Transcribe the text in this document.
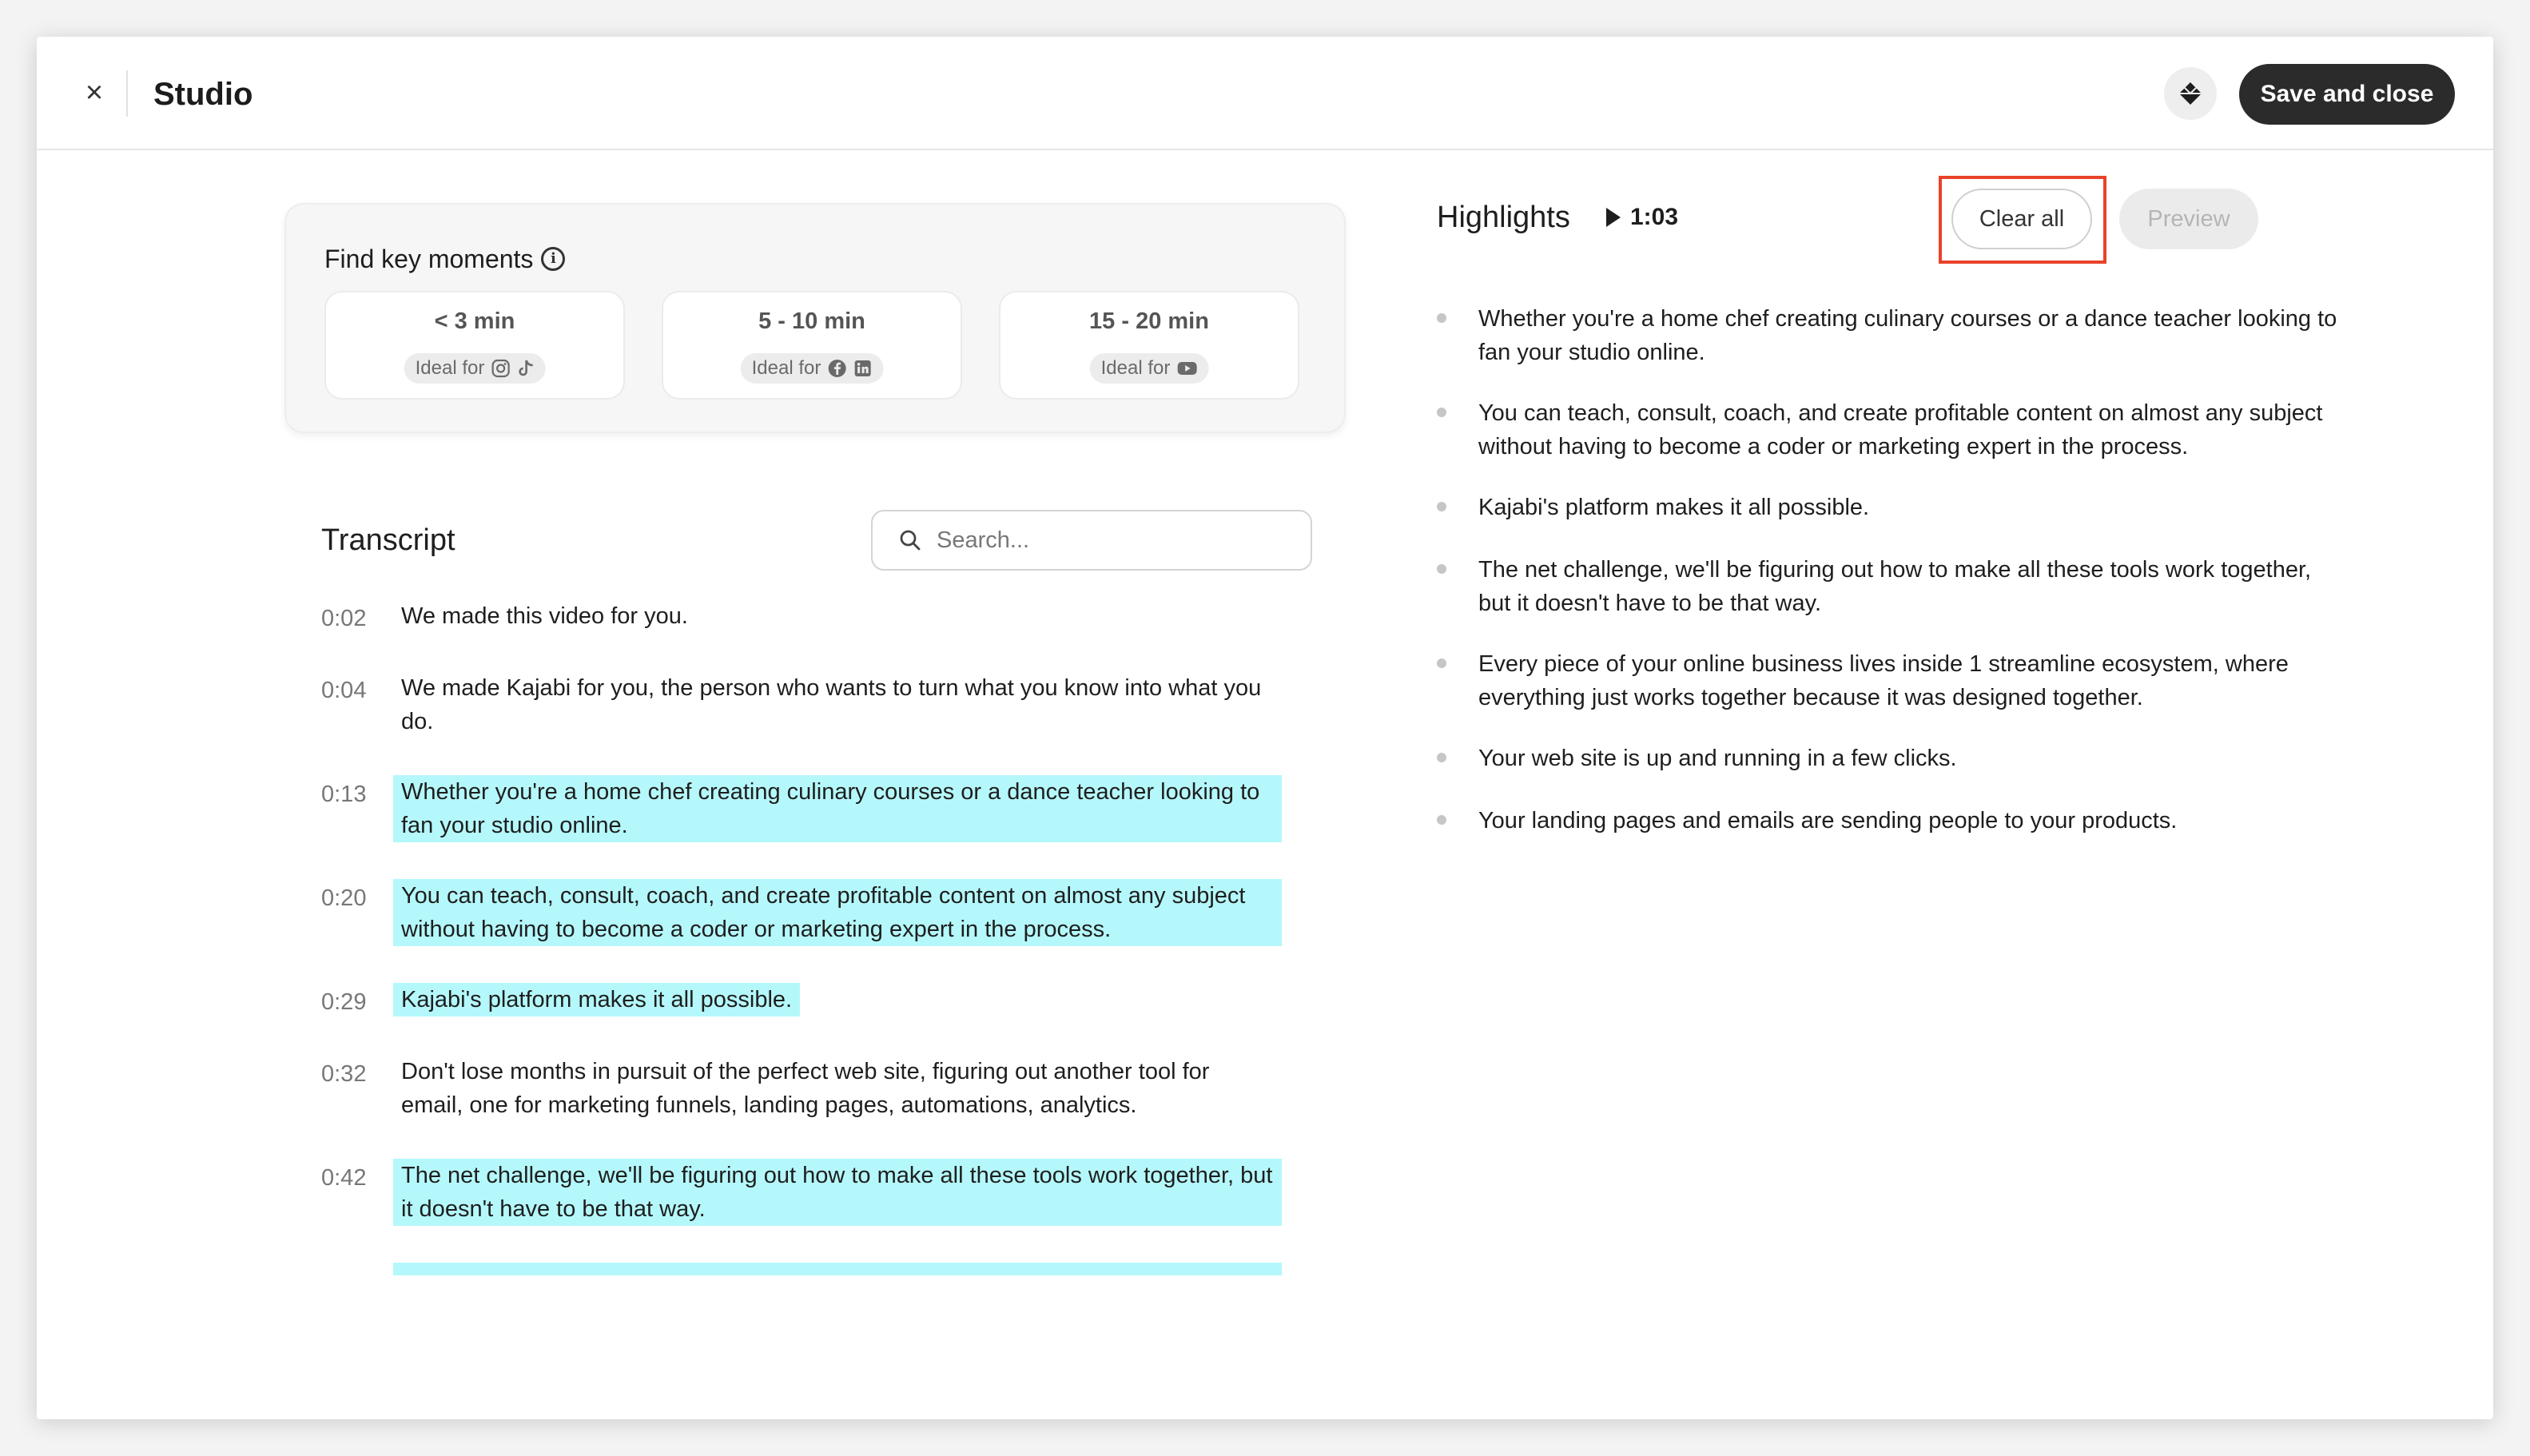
×	Studio	Save and close
Find key moments	i
< 3 min
Ideal for
5 - 10 min
Ideal for
15 - 20 min
Ideal for
Transcript
Search...
0:02	We made this video for you.
0:04	We made Kajabi for you, the person who wants to turn what you know into what you do.
0:13	Whether you're a home chef creating culinary courses or a dance teacher looking to fan your studio online.
0:20	You can teach, consult, coach, and create profitable content on almost any subject without having to become a coder or marketing expert in the process.
0:29	Kajabi's platform makes it all possible.
0:32	Don't lose months in pursuit of the perfect web site, figuring out another tool for email, one for marketing funnels, landing pages, automations, analytics.
0:42	The net challenge, we'll be figuring out how to make all these tools work together, but it doesn't have to be that way.
Highlights	1:03	Clear all	Preview
Whether you're a home chef creating culinary courses or a dance teacher looking to fan your studio online.
You can teach, consult, coach, and create profitable content on almost any subject without having to become a coder or marketing expert in the process.
Kajabi's platform makes it all possible.
The net challenge, we'll be figuring out how to make all these tools work together, but it doesn't have to be that way.
Every piece of your online business lives inside 1 streamline ecosystem, where everything just works together because it was designed together.
Your web site is up and running in a few clicks.
Your landing pages and emails are sending people to your products.
